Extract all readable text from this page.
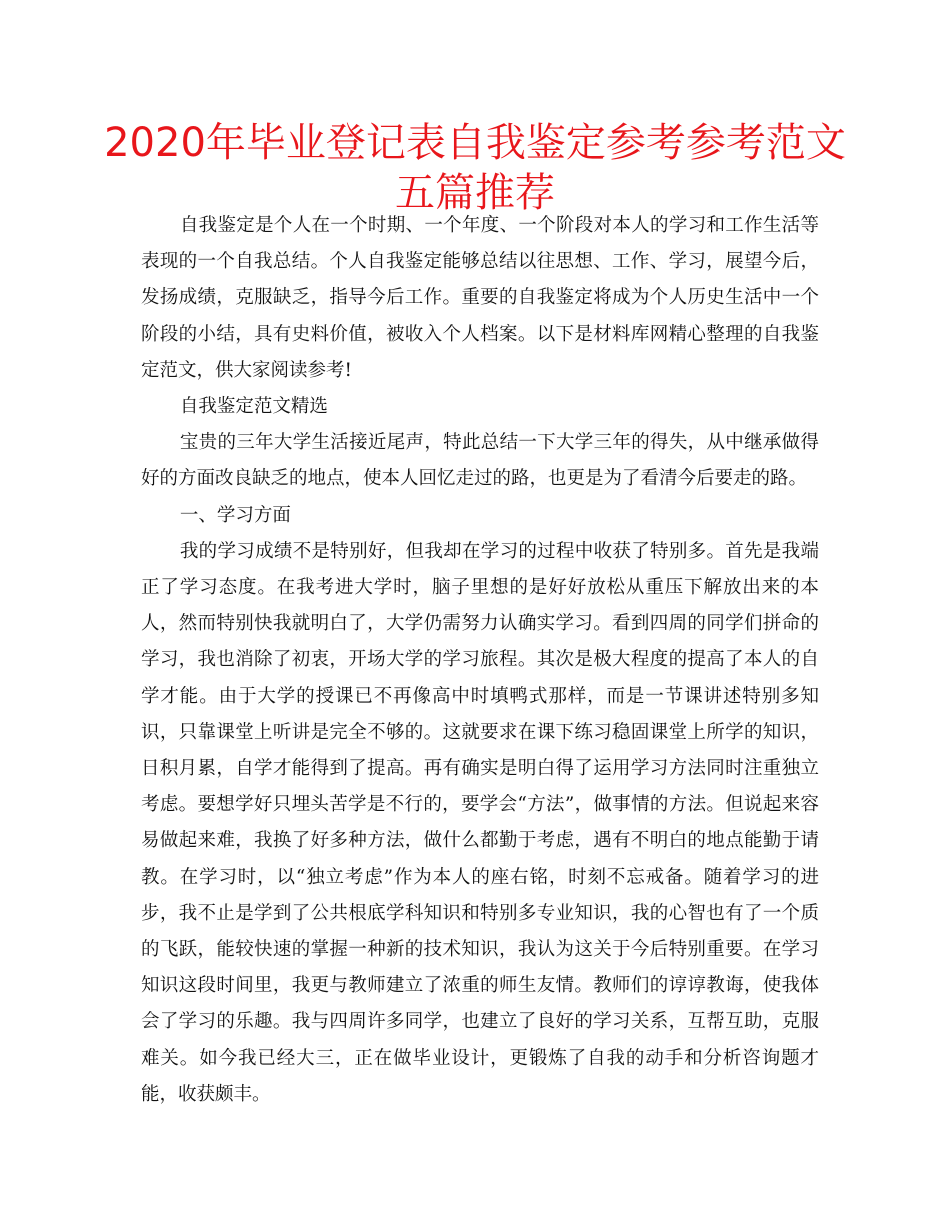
2020年毕业登记表自我鉴定参考参考范文五篇推荐

自我鉴定是个人在一个时期、一个年度、一个阶段对本人的学习和工作生活等表现的一个自我总结。个人自我鉴定能够总结以往思想、工作、学习，展望今后，发扬成绩，克服缺乏，指导今后工作。重要的自我鉴定将成为个人历史生活中一个阶段的小结，具有史料价值，被收入个人档案。以下是材料库网精心整理的自我鉴定范文，供大家阅读参考!

自我鉴定范文精选

宝贵的三年大学生活接近尾声，特此总结一下大学三年的得失，从中继承做得好的方面改良缺乏的地点，使本人回忆走过的路，也更是为了看清今后要走的路。

一、学习方面

我的学习成绩不是特别好，但我却在学习的过程中收获了特别多。首先是我端正了学习态度。在我考进大学时，脑子里想的是好好放松从重压下解放出来的本人，然而特别快我就明白了，大学仍需努力认确实学习。看到四周的同学们拼命的学习，我也消除了初衷，开场大学的学习旅程。其次是极大程度的提高了本人的自学才能。由于大学的授课已不再像高中时填鸭式那样，而是一节课讲述特别多知识，只靠课堂上听讲是完全不够的。这就要求在课下练习稳固课堂上所学的知识，日积月累，自学才能得到了提高。再有确实是明白得了运用学习方法同时注重独立考虑。要想学好只埋头苦学是不行的，要学会“方法”，做事情的方法。但说起来容易做起来难，我换了好多种方法，做什么都勤于考虑，遇有不明白的地点能勤于请教。在学习时，以“独立考虑”作为本人的座右铭，时刻不忘戒备。随着学习的进步，我不止是学到了公共根底学科知识和特别多专业知识，我的心智也有了一个质的飞跃，能较快速的掌握一种新的技术知识，我认为这关于今后特别重要。在学习知识这段时间里，我更与教师建立了浓重的师生友情。教师们的谆谆教诲，使我体会了学习的乐趣。我与四周许多同学，也建立了良好的学习关系，互帮互助，克服难关。如今我已经大三，正在做毕业设计，更锻炼了自我的动手和分析咨询题才能，收获颇丰。
